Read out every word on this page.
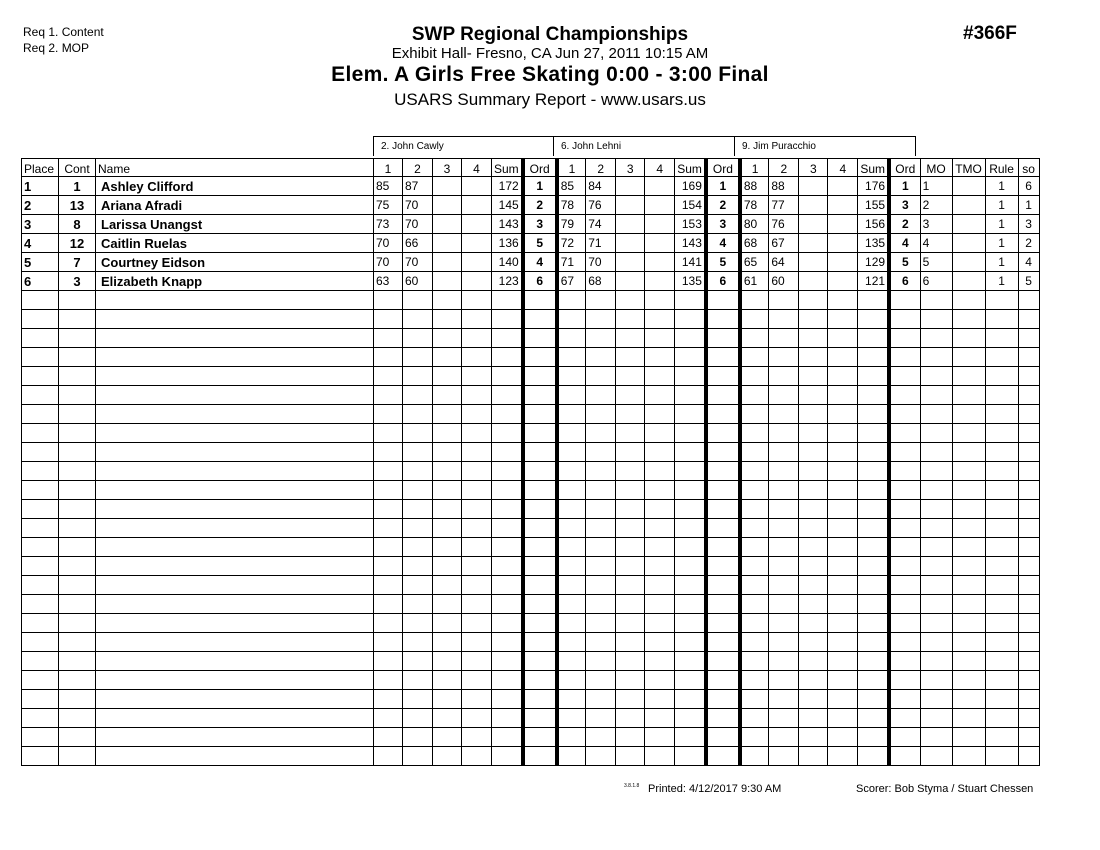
Req 1. Content
Req 2. MOP
#366F
SWP Regional Championships
Exhibit Hall- Fresno, CA Jun 27, 2011 10:15 AM
Elem. A Girls Free Skating 0:00 - 3:00 Final
USARS Summary Report - www.usars.us
2. John Cawly	6. John Lehni	9. Jim Puracchio
Place	Cont	Name	1	2	3	4	Sum	Ord	1	2	3	4	Sum	Ord	1	2	3	4	Sum	Ord	MO	TMO	Rule	so
1	1	Ashley Clifford	85	87			172	1	85	84			169	1	88	88			176	1	1		1	6
2	13	Ariana Afradi	75	70			145	2	78	76			154	2	78	77			155	3	2		1	1
3	8	Larissa Unangst	73	70			143	3	79	74			153	3	80	76			156	2	3		1	3
4	12	Caitlin Ruelas	70	66			136	5	72	71			143	4	68	67			135	4	4		1	2
5	7	Courtney Eidson	70	70			140	4	71	70			141	5	65	64			129	5	5		1	4
6	3	Elizabeth Knapp	63	60			123	6	67	68			135	6	61	60			121	6	6		1	5

3.8.1.8 Printed: 4/12/2017 9:30 AM	Scorer: Bob Styma / Stuart Chessen
